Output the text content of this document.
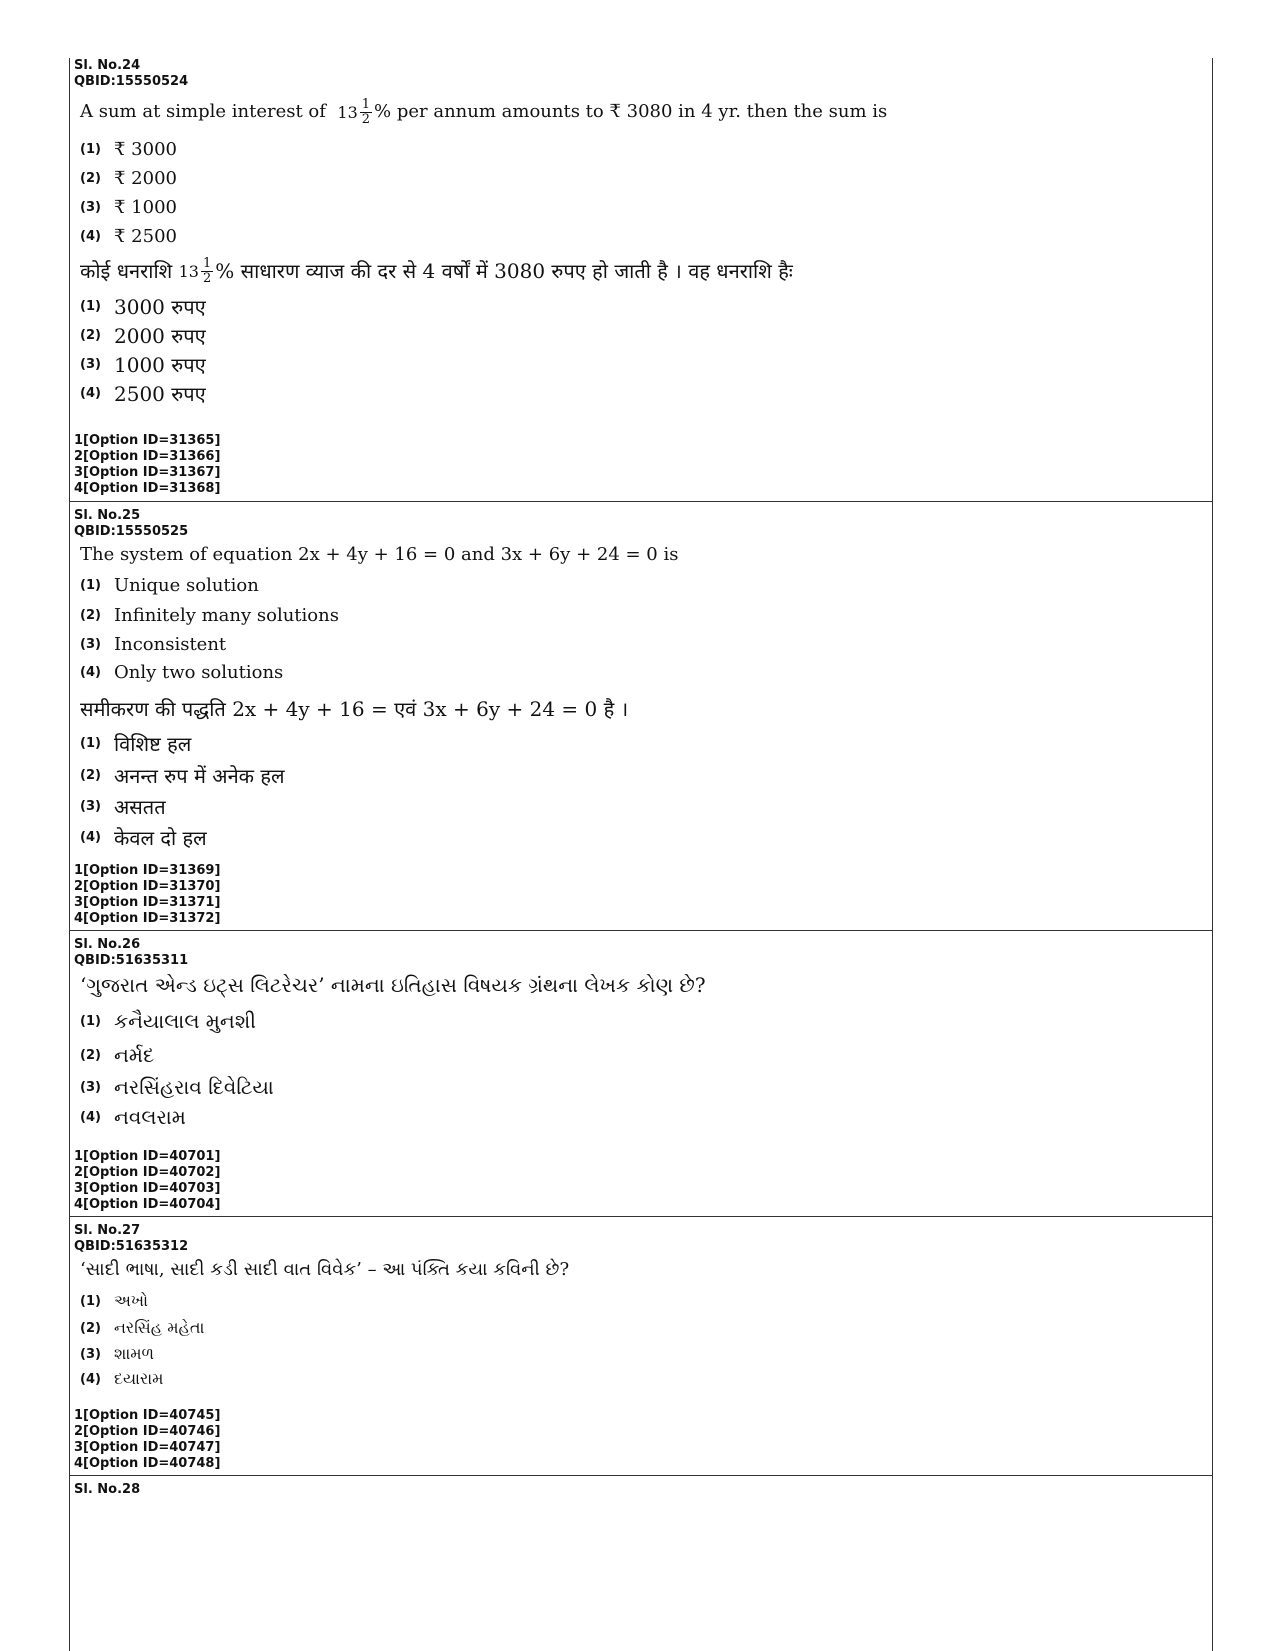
Sl. No.24
QBID:15550524
A sum at simple interest of
$13 \frac{1}{2}$ % per annum amounts to ₹ 3080 in 4 yr. then the sum is
(1) ₹ 3000
(2) ₹ 2000
(3) ₹ 1000
(4) ₹ 2500
कोई धनराशि
$13 \frac{1}{2}$ % साधारण व्याज की दर से 4 वर्षों में 3080 रुपए हो जाती है । वह धनराशि हैः
(1) 3000 रुपए
(2) 2000 रुपए
(3) 1000 रुपए
(4) 2500 रुपए
1[Option ID=31365]
2[Option ID=31366]
3[Option ID=31367]
4[Option ID=31368]
Sl. No.25
QBID:15550525
The system of equation 2x + 4y + 16 = 0 and 3x + 6y + 24 = 0 is
(1) Unique solution
(2) Infinitely many solutions
(3) Inconsistent
(4) Only two solutions
समीकरण की पद्धति 2x + 4y + 16 = एवं 3x + 6y + 24 = 0 है ।
(1) विशिष्ट हल
(2) अनन्त रुप में अनेक हल
(3) असतत
(4) केवल दो हल
1[Option ID=31369]
2[Option ID=31370]
3[Option ID=31371]
4[Option ID=31372]
Sl. No.26
QBID:51635311
‘ગુજરાત એન્ડ ઇટ્સ લિટરેચર’ નામના ઇતિહાસ વિષયક ગ્રંથના લેખક કોણ છે?
(1) કનૈયાલાલ મુનશી
(2) નર્મદ
(3) નરસિંહરાવ દિવેટિયા
(4) નવલરામ
1[Option ID=40701]
2[Option ID=40702]
3[Option ID=40703]
4[Option ID=40704]
Sl. No.27
QBID:51635312
‘સાદી ભાષા, સાદી કડી સાદી વાત વિવેક’ – આ પંક્તિ કયા કવિની છે?
(1) અખો
(2) નરસિંહ મહેતા
(3) શામળ
(4) દયારામ
1[Option ID=40745]
2[Option ID=40746]
3[Option ID=40747]
4[Option ID=40748]
Sl. No.28
